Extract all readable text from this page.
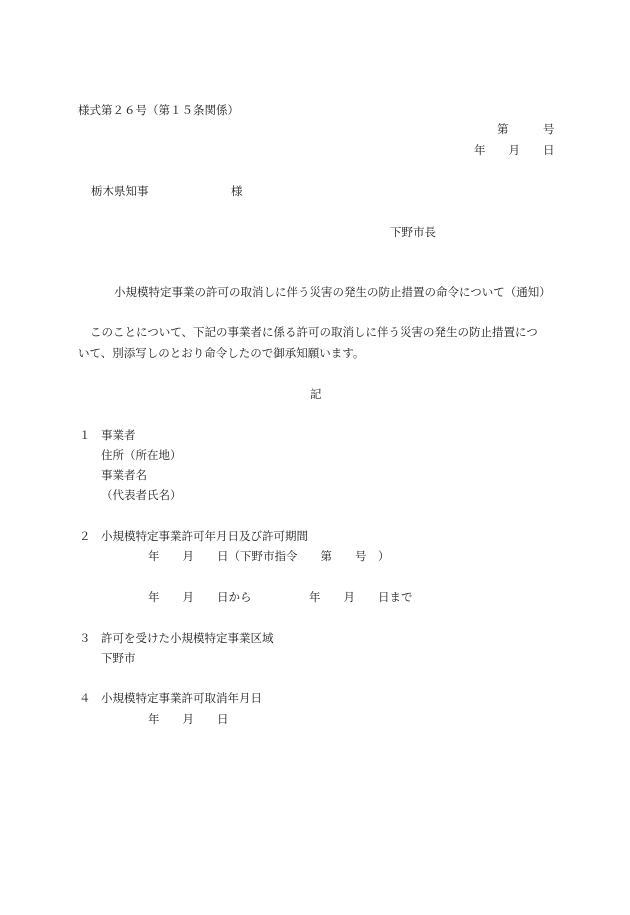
様式第２６号（第１５条関係）
第　　　号
年　　月　　日
栃木県知事	様
下野市長
小規模特定事業の許可の取消しに伴う災害の発生の防止措置の命令について（通知）
このことについて、下記の事業者に係る許可の取消しに伴う災害の発生の防止措置につ
いて、別添写しのとおり命令したので御承知願います。
記
１ 事業者
住所（所在地）
事業者名
（代表者氏名）
２ 小規模特定事業許可年月日及び許可期間
年　　月　　日（下野市指令　　第　　号　）
年　　月　　日から　　　　　年　　月　　日まで
３ 許可を受けた小規模特定事業区域
下野市
４ 小規模特定事業許可取消年月日
年　　月　　日
